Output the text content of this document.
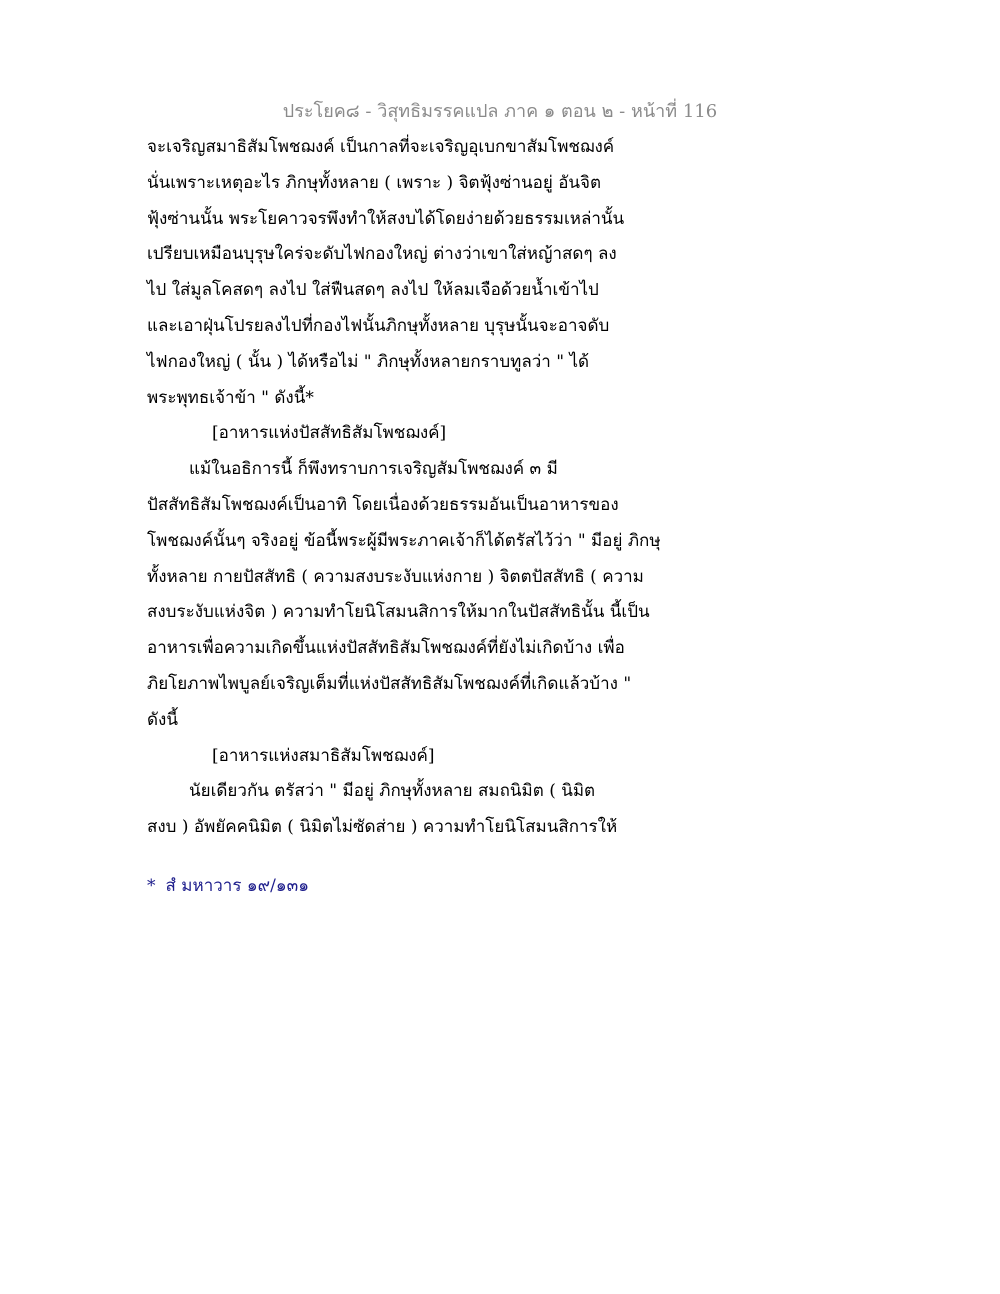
ประโยค๘ - วิสุทธิมรรคแปล ภาค ๑ ตอน ๒ - หน้าที่ 116
จะเจริญสมาธิสัมโพชฌงค์ เป็นกาลที่จะเจริญอุเบกขาสัมโพชฌงค์
นั่นเพราะเหตุอะไร ภิกษุทั้งหลาย ( เพราะ ) จิตฟุ้งซ่านอยู่ อันจิต
ฟุ้งซ่านนั้น พระโยคาวจรพึงทำให้สงบได้โดยง่ายด้วยธรรมเหล่านั้น
เปรียบเหมือนบุรุษใคร่จะดับไฟกองใหญ่ ต่างว่าเขาใส่หญ้าสดๆ ลง
ไป ใส่มูลโคสดๆ ลงไป ใส่ฟืนสดๆ ลงไป ให้ลมเจือด้วยน้ำเข้าไป
และเอาฝุ่นโปรยลงไปที่กองไฟนั้นภิกษุทั้งหลาย บุรุษนั้นจะอาจดับ
ไฟกองใหญ่ ( นั้น ) ได้หรือไม่ " ภิกษุทั้งหลายกราบทูลว่า " ได้
พระพุทธเจ้าข้า " ดังนี้*
[อาหารแห่งปัสสัทธิสัมโพชฌงค์]
แม้ในอธิการนี้ ก็พึงทราบการเจริญสัมโพชฌงค์ ๓ มี
ปัสสัทธิสัมโพชฌงค์เป็นอาทิ โดยเนื่องด้วยธรรมอันเป็นอาหารของ
โพชฌงค์นั้นๆ จริงอยู่ ข้อนี้พระผู้มีพระภาคเจ้าก็ได้ตรัสไว้ว่า " มีอยู่ ภิกษุ
ทั้งหลาย กายปัสสัทธิ ( ความสงบระงับแห่งกาย ) จิตตปัสสัทธิ ( ความ
สงบระงับแห่งจิต ) ความทำโยนิโสมนสิการให้มากในปัสสัทธินั้น นี้เป็น
อาหารเพื่อความเกิดขึ้นแห่งปัสสัทธิสัมโพชฌงค์ที่ยังไม่เกิดบ้าง เพื่อ
ภิยโยภาพไพบูลย์เจริญเต็มที่แห่งปัสสัทธิสัมโพชฌงค์ที่เกิดแล้วบ้าง "
ดังนี้
[อาหารแห่งสมาธิสัมโพชฌงค์]
นัยเดียวกัน ตรัสว่า " มีอยู่ ภิกษุทั้งหลาย สมถนิมิต ( นิมิต
สงบ ) อัพยัคคนิมิต ( นิมิตไม่ซัดส่าย ) ความทำโยนิโสมนสิการให้
* สํ มหาวาร ๑๙/๑๓๑
